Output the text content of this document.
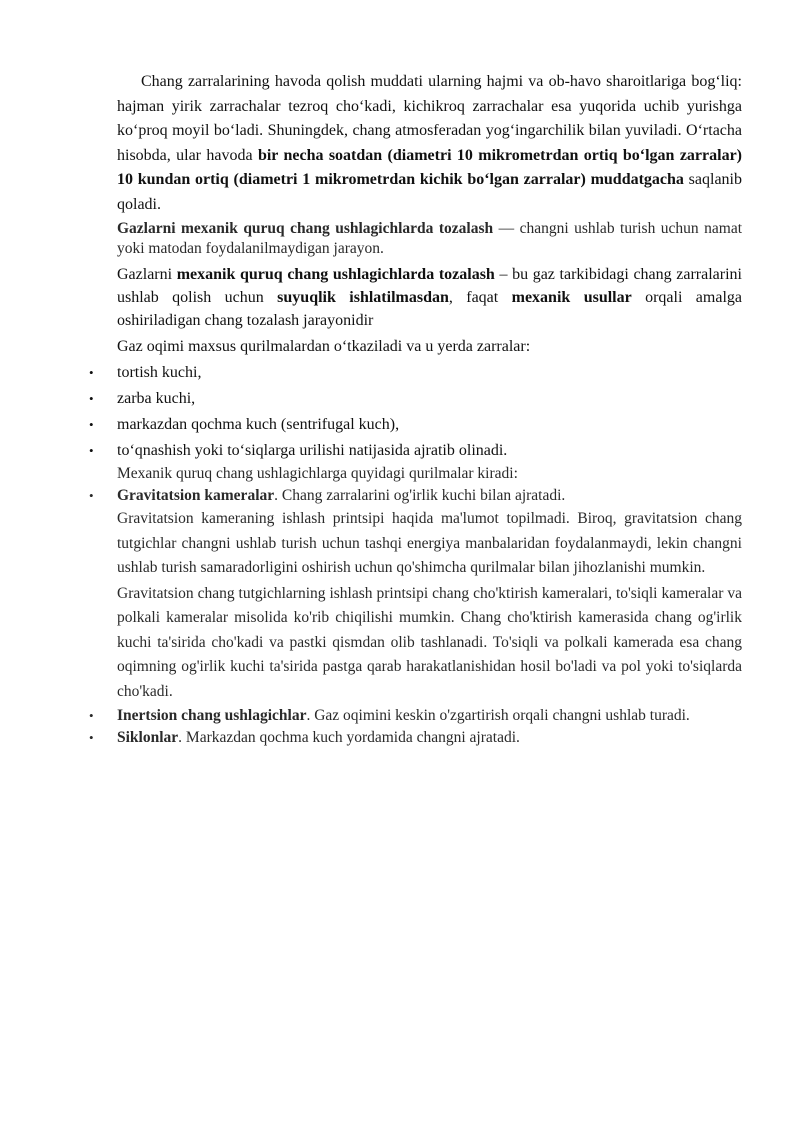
Chang zarralarining havoda qolish muddati ularning hajmi va ob-havo sharoitlariga bog‘liq: hajman yirik zarrachalar tezroq cho‘kadi, kichikroq zarrachalar esa yuqorida uchib yurishga ko‘proq moyil bo‘ladi. Shuningdek, chang atmosferadan yog‘ingarchilik bilan yuviladi. O‘rtacha hisobda, ular havoda bir necha soatdan (diametri 10 mikrometrdan ortiq bo‘lgan zarralar) 10 kundan ortiq (diametri 1 mikrometrdan kichik bo‘lgan zarralar) muddatgacha saqlanib qoladi.

Gazlarni mexanik quruq chang ushlagichlarda tozalash — changni ushlab turish uchun namat yoki matodan foydalanilmaydigan jarayon.

Gazlarni mexanik quruq chang ushlagichlarda tozalash – bu gaz tarkibidagi chang zarralarini ushlab qolish uchun suyuqlik ishlatilmasdan, faqat mexanik usullar orqali amalga oshiriladigan chang tozalash jarayonidir

Gaz oqimi maxsus qurilmalardan o‘tkaziladi va u yerda zarralar:

• tortish kuchi,
• zarba kuchi,
• markazdan qochma kuch (sentrifugal kuch),
• to‘qnashish yoki to‘siqlarga urilishi natijasida ajratib olinadi.

Mexanik quruq chang ushlagichlarga quyidagi qurilmalar kiradi:

• Gravitatsion kameralar. Chang zarralarini og'irlik kuchi bilan ajratadi.

Gravitatsion kameraning ishlash printsipi haqida ma'lumot topilmadi. Biroq, gravitatsion chang tutgichlar changni ushlab turish uchun tashqi energiya manbalaridan foydalanmaydi, lekin changni ushlab turish samaradorligini oshirish uchun qo'shimcha qurilmalar bilan jihozlanishi mumkin.

Gravitatsion chang tutgichlarning ishlash printsipi chang cho'ktirish kameralari, to'siqli kameralar va polkali kameralar misolida ko'rib chiqilishi mumkin. Chang cho'ktirish kamerasida chang og'irlik kuchi ta'sirida cho'kadi va pastki qismdan olib tashlanadi. To'siqli va polkali kamerada esa chang oqimning og'irlik kuchi ta'sirida pastga qarab harakatlanishidan hosil bo'ladi va pol yoki to'siqlarda cho'kadi.

• Inertsion chang ushlagichlar. Gaz oqimini keskin o'zgartirish orqali changni ushlab turadi.
• Siklonlar. Markazdan qochma kuch yordamida changni ajratadi.
